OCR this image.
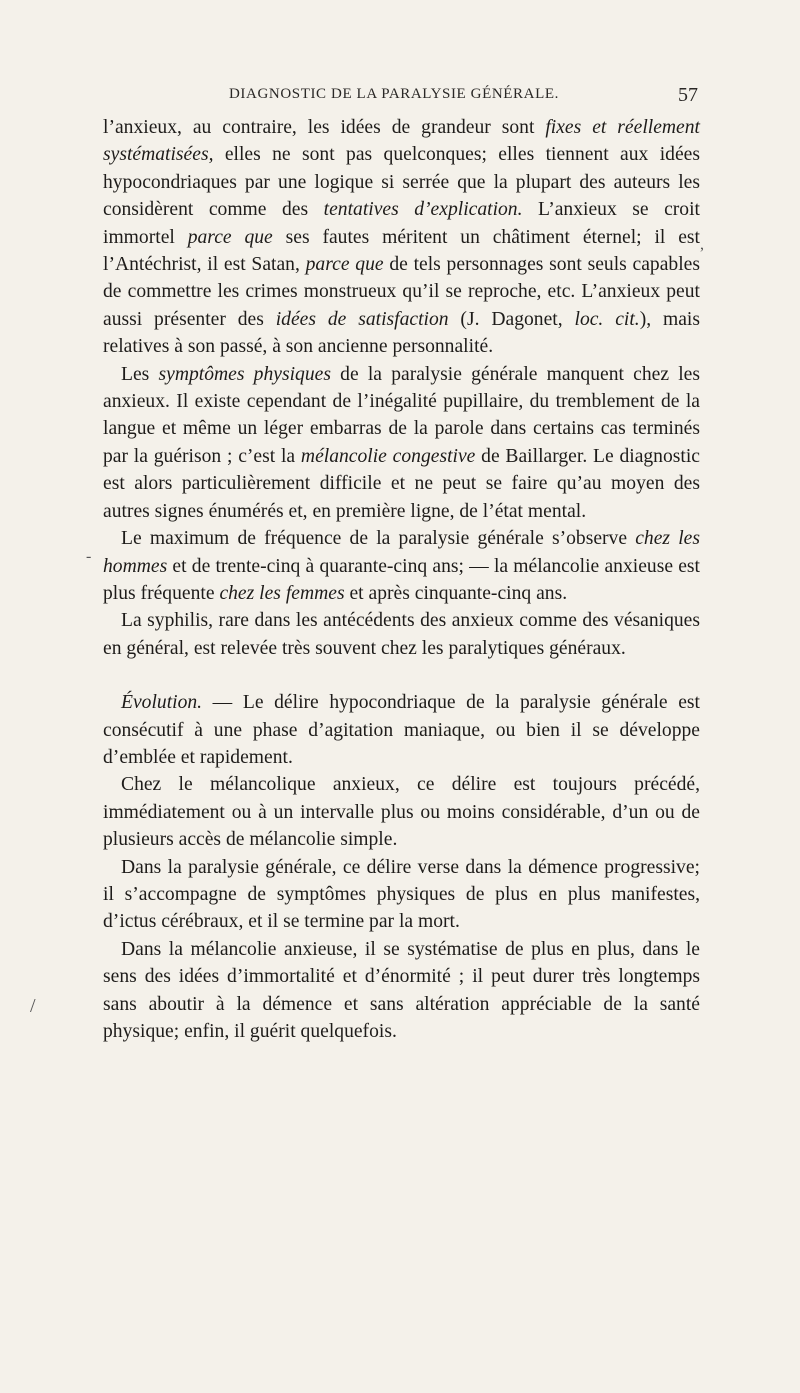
DIAGNOSTIC DE LA PARALYSIE GÉNÉRALE.	57

l’anxieux, au contraire, les idées de grandeur sont fixes et réellement systématisées, elles ne sont pas quelconques; elles tiennent aux idées hypocondriaques par une logique si serrée que la plupart des auteurs les considèrent comme des tentatives d’explication. L’anxieux se croit immortel parce que ses fautes méritent un châtiment éternel; il est l’Antéchrist, il est Satan, parce que de tels personnages sont seuls capables de commettre les crimes monstrueux qu’il se reproche, etc. L’anxieux peut aussi présenter des idées de satisfaction (J. Dagonet, loc. cit.), mais relatives à son passé, à son ancienne personnalité.

Les symptômes physiques de la paralysie générale manquent chez les anxieux. Il existe cependant de l’inégalité pupillaire, du tremblement de la langue et même un léger embarras de la parole dans certains cas terminés par la guérison ; c’est la mélancolie congestive de Baillarger. Le diagnostic est alors particulièrement difficile et ne peut se faire qu’au moyen des autres signes énumérés et, en première ligne, de l’état mental.

Le maximum de fréquence de la paralysie générale s’observe chez les hommes et de trente-cinq à quarante-cinq ans; — la mélancolie anxieuse est plus fréquente chez les femmes et après cinquante-cinq ans.

La syphilis, rare dans les antécédents des anxieux comme des vésaniques en général, est relevée très souvent chez les paralytiques généraux.

Évolution. — Le délire hypocondriaque de la paralysie générale est consécutif à une phase d’agitation maniaque, ou bien il se développe d’emblée et rapidement.

Chez le mélancolique anxieux, ce délire est toujours précédé, immédiatement ou à un intervalle plus ou moins considérable, d’un ou de plusieurs accès de mélancolie simple.

Dans la paralysie générale, ce délire verse dans la démence progressive; il s’accompagne de symptômes physiques de plus en plus manifestes, d’ictus cérébraux, et il se termine par la mort.

Dans la mélancolie anxieuse, il se systématise de plus en plus, dans le sens des idées d’immortalité et d’énormité ; il peut durer très longtemps sans aboutir à la démence et sans altération appréciable de la santé physique; enfin, il guérit quelquefois.

,
-
/
